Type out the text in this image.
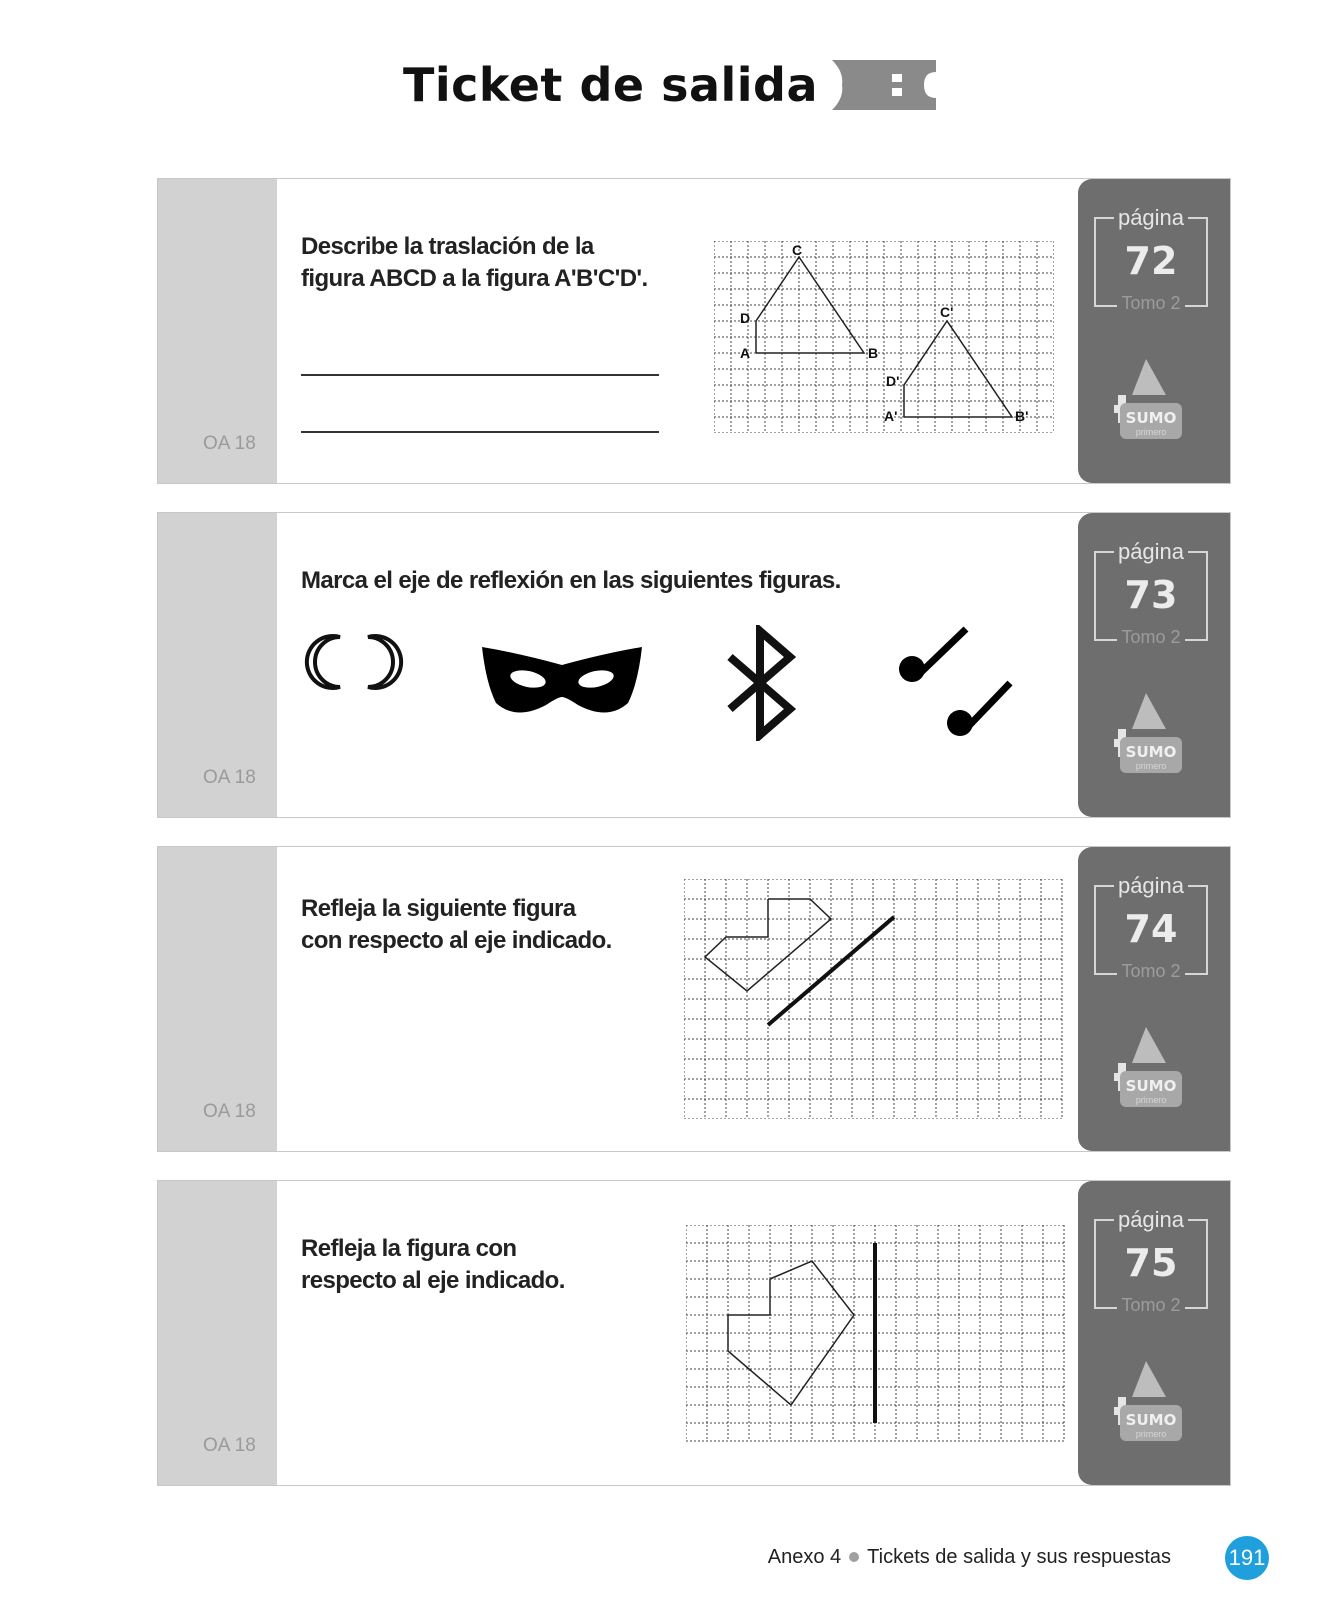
Ticket de salida
OA 18
Describe la traslación de la
figura ABCD a la figura A'B'C'D'.
C
D
A	B
C'
D'
A'	B'
página
72
Tomo 2
SUMO
primero
OA 18
Marca el eje de reflexión en las siguientes figuras.
página
73
Tomo 2
SUMO
primero
OA 18
Refleja la siguiente figura
con respecto al eje indicado.
página
74
Tomo 2
SUMO
primero
OA 18
Refleja la figura con
respecto al eje indicado.
página
75
Tomo 2
SUMO
primero
Anexo 4 Tickets de salida y sus respuestas	191
